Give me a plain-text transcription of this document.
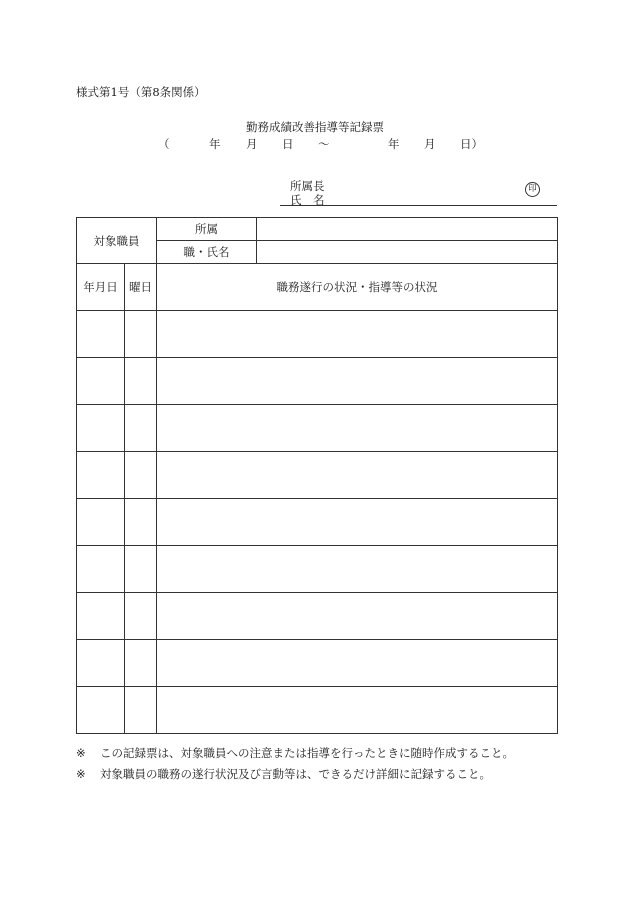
様式第1号（第8条関係）
勤務成績改善指導等記録票
（	年 月 日 ～	年 月 日）
所属長
氏　名
印
対象職員		所属	
		職・氏名	
年月日	曜日	職務遂行の状況・指導等の状況	

※ この記録票は、対象職員への注意または指導を行ったときに随時作成すること。
※ 対象職員の職務の遂行状況及び言動等は、できるだけ詳細に記録すること。
